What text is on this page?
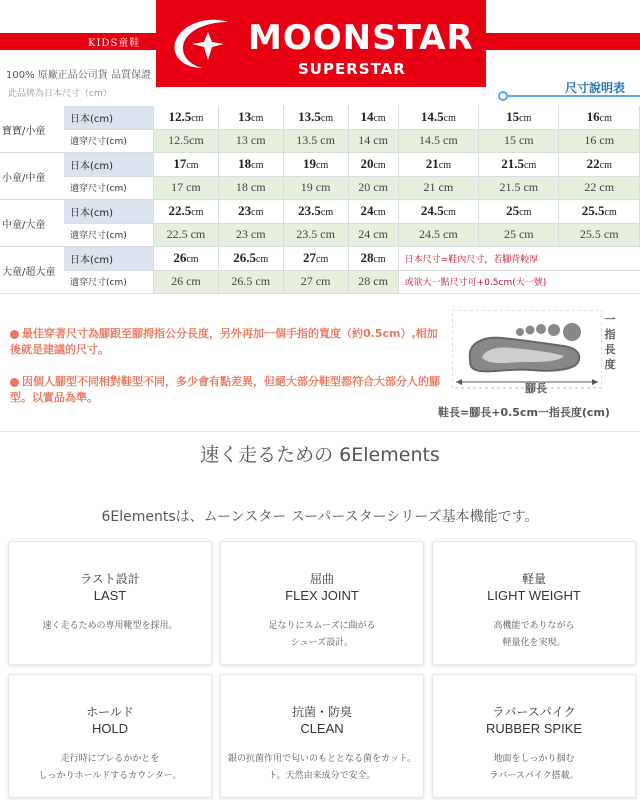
KIDS童鞋	MOONSTAR
SUPERSTAR
100% 原廠正品公司貨 品質保證
此品牌為日本尺寸（cm）	尺寸說明表
寶寶/小童	日本(cm)	12.5cm	13cm	13.5cm	14cm	14.5cm	15cm	16cm
	適穿尺寸(cm)	12.5cm	13 cm	13.5 cm	14 cm	14.5 cm	15 cm	16 cm
小童/中童	日本(cm)	17cm	18cm	19cm	20cm	21cm	21.5cm	22cm
	適穿尺寸(cm)	17 cm	18 cm	19 cm	20 cm	21 cm	21.5 cm	22 cm
中童/大童	日本(cm)	22.5cm	23cm	23.5cm	24cm	24.5cm	25cm	25.5cm
	適穿尺寸(cm)	22.5 cm	23 cm	23.5 cm	24 cm	24.5 cm	25 cm	25.5 cm
大童/超大童	日本(cm)	26cm	26.5cm	27cm	28cm	日本尺寸=鞋內尺寸，若腳背較厚		
	適穿尺寸(cm)	26 cm	26.5 cm	27 cm	28 cm	或欲大一點尺寸可+0.5cm(大一號)		
最佳穿著尺寸為腳跟至腳拇指公分長度，另外再加一個手指的寬度（約0.5cm）,相加後就是建議的尺寸。
因個人腳型不同相對鞋型不同，多少會有點差異，但絕大部分鞋型都符合大部分人的腳型。以實品為準。
一指長度
腳長
鞋長=腳長+0.5cm一指長度(cm)
速く走るための 6Elements
6Elementsは、ムーンスター スーパースターシリーズ基本機能です。
ラスト設計
LAST
速く走るための専用靴型を採用。
屈曲
FLEX JOINT
足なりにスムーズに曲がる
シューズ設計。
軽量
LIGHT WEIGHT
高機能でありながら
軽量化を実現。
ホールド
HOLD
走行時にブレるかかとを
しっかりホールドするカウンター。
抗菌・防臭
CLEAN
銀の抗菌作用で匂いのもととなる菌をカット。
ト。天然由来成分で安全。
ラバースパイク
RUBBER SPIKE
地面をしっかり掴む
ラバースパイク搭載。
